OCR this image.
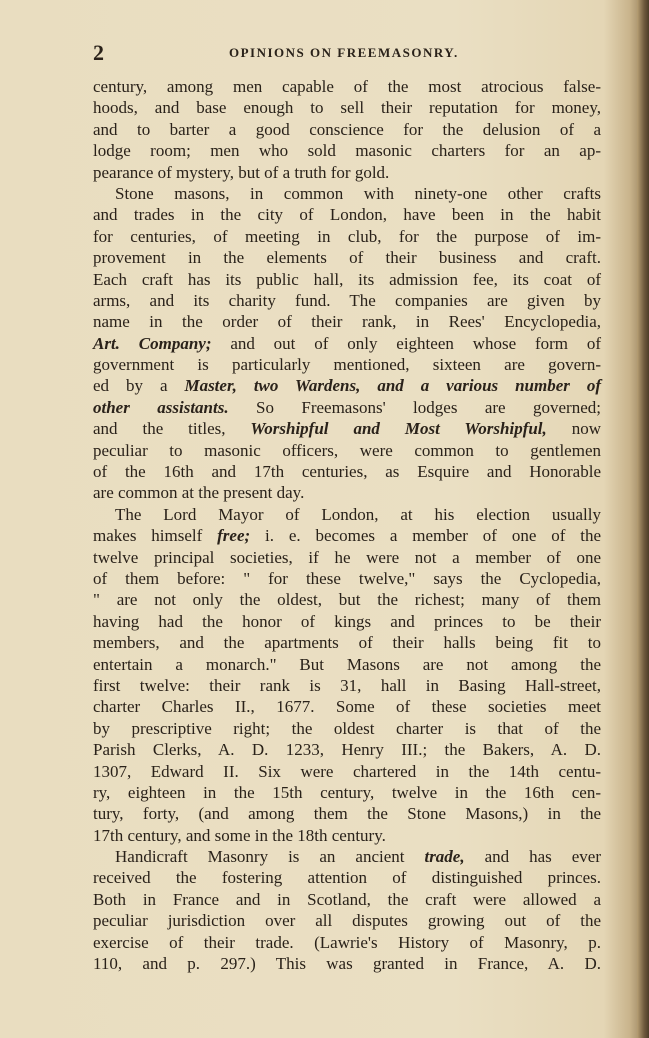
2	OPINIONS ON FREEMASONRY.
century, among men capable of the most atrocious false-
hoods, and base enough to sell their reputation for money,
and to barter a good conscience for the delusion of a
lodge room; men who sold masonic charters for an ap-
pearance of mystery, but of a truth for gold.
Stone masons, in common with ninety-one other crafts
and trades in the city of London, have been in the habit
for centuries, of meeting in club, for the purpose of im-
provement in the elements of their business and craft.
Each craft has its public hall, its admission fee, its coat of
arms, and its charity fund. The companies are given by
name in the order of their rank, in Rees' Encyclopedia,
Art. Company; and out of only eighteen whose form of
government is particularly mentioned, sixteen are govern-
ed by a Master, two Wardens, and a various number of
other assistants. So Freemasons' lodges are governed;
and the titles, Worshipful and Most Worshipful, now
peculiar to masonic officers, were common to gentlemen
of the 16th and 17th centuries, as Esquire and Honorable
are common at the present day.
The Lord Mayor of London, at his election usually
makes himself free; i. e. becomes a member of one of the
twelve principal societies, if he were not a member of one
of them before: " for these twelve," says the Cyclopedia,
" are not only the oldest, but the richest; many of them
having had the honor of kings and princes to be their
members, and the apartments of their halls being fit to
entertain a monarch." But Masons are not among the
first twelve: their rank is 31, hall in Basing Hall-street,
charter Charles II., 1677. Some of these societies meet
by prescriptive right; the oldest charter is that of the
Parish Clerks, A. D. 1233, Henry III.; the Bakers, A. D.
1307, Edward II. Six were chartered in the 14th centu-
ry, eighteen in the 15th century, twelve in the 16th cen-
tury, forty, (and among them the Stone Masons,) in the
17th century, and some in the 18th century.
Handicraft Masonry is an ancient trade, and has ever
received the fostering attention of distinguished princes.
Both in France and in Scotland, the craft were allowed a
peculiar jurisdiction over all disputes growing out of the
exercise of their trade. (Lawrie's History of Masonry, p.
110, and p. 297.) This was granted in France, A. D.
